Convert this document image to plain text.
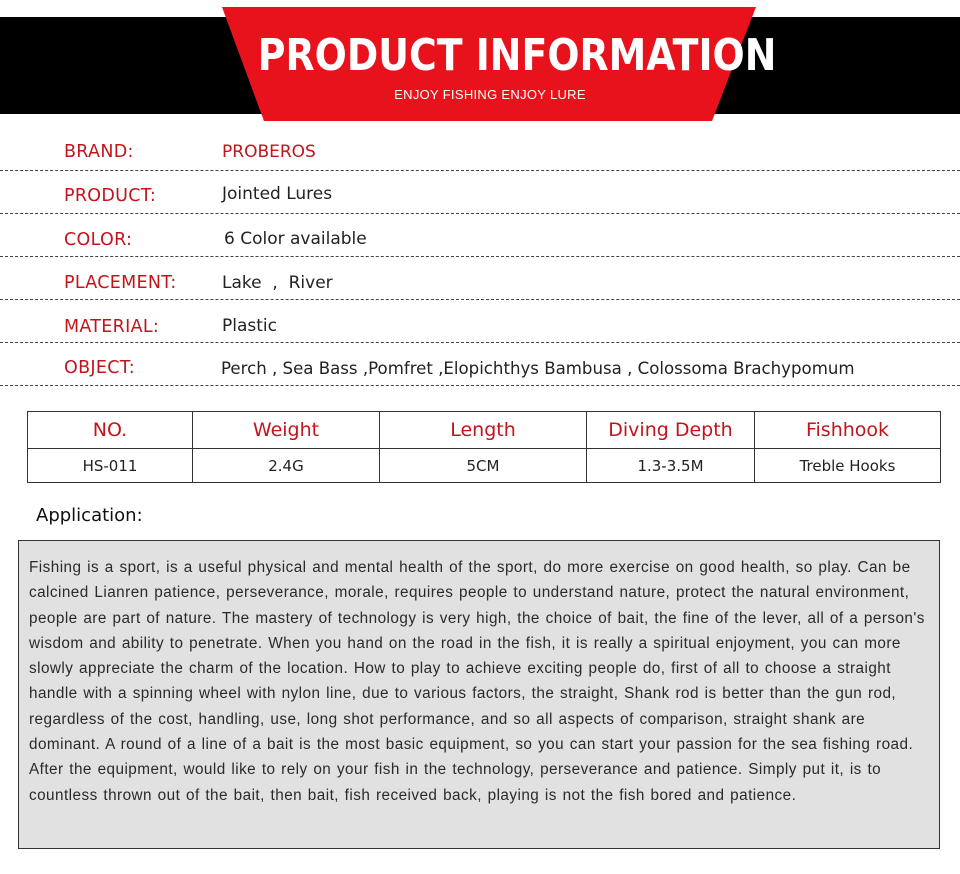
PRODUCT INFORMATION
ENJOY FISHING ENJOY LURE
BRAND:	PROBEROS
PRODUCT:	Jointed Lures
COLOR:	6 Color available
PLACEMENT:	Lake  ,  River
MATERIAL:	Plastic
OBJECT:	Perch , Sea Bass ,Pomfret ,Elopichthys Bambusa , Colossoma Brachypomum
NO.	Weight	Length	Diving Depth	Fishhook
HS-011	2.4G	5CM	1.3-3.5M	Treble Hooks
Application:

Fishing is a sport, is a useful physical and mental health of the sport, do more exercise on good health, so play. Can be calcined Lianren patience, perseverance, morale, requires people to understand nature, protect the natural environment, people are part of nature. The mastery of technology is very high, the choice of bait, the fine of the lever, all of a person's wisdom and ability to penetrate. When you hand on the road in the fish, it is really a spiritual enjoyment, you can more slowly appreciate the charm of the location. How to play to achieve exciting people do, first of all to choose a straight handle with a spinning wheel with nylon line, due to various factors, the straight, Shank rod is better than the gun rod, regardless of the cost, handling, use, long shot performance, and so all aspects of comparison, straight shank are dominant. A round of a line of a bait is the most basic equipment, so you can start your passion for the sea fishing road. After the equipment, would like to rely on your fish in the technology, perseverance and patience. Simply put it, is to countless thrown out of the bait, then bait, fish received back, playing is not the fish bored and patience.
